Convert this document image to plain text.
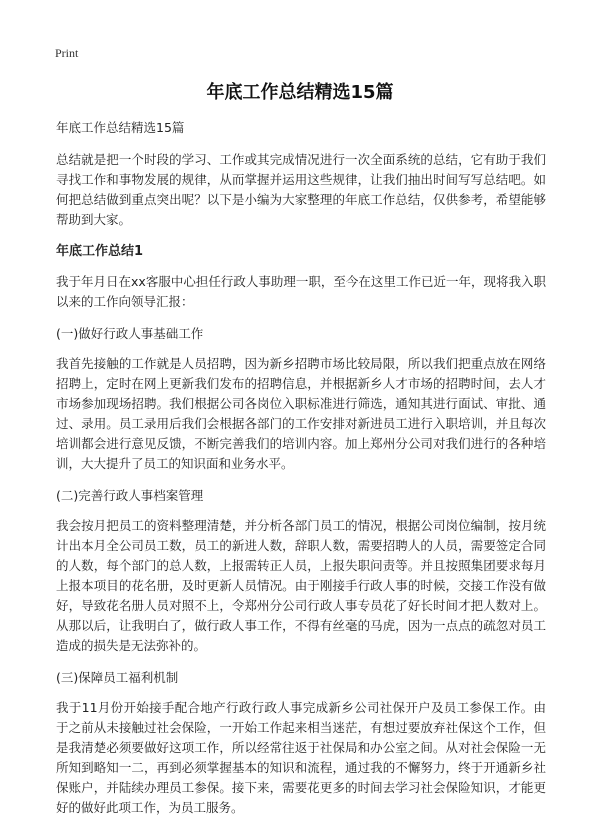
Print
年底工作总结精选15篇
年底工作总结精选15篇

总结就是把一个时段的学习、工作或其完成情况进行一次全面系统的总结，它有助于我们寻找工作和事物发展的规律，从而掌握并运用这些规律，让我们抽出时间写写总结吧。如何把总结做到重点突出呢？以下是小编为大家整理的年底工作总结，仅供参考，希望能够帮助到大家。

年底工作总结1

我于年月日在xx客服中心担任行政人事助理一职，至今在这里工作已近一年，现将我入职以来的工作向领导汇报：

(一)做好行政人事基础工作

我首先接触的工作就是人员招聘，因为新乡招聘市场比较局限，所以我们把重点放在网络招聘上，定时在网上更新我们发布的招聘信息，并根据新乡人才市场的招聘时间，去人才市场参加现场招聘。我们根据公司各岗位入职标准进行筛选，通知其进行面试、审批、通过、录用。员工录用后我们会根据各部门的工作安排对新进员工进行入职培训，并且每次培训都会进行意见反馈，不断完善我们的培训内容。加上郑州分公司对我们进行的各种培训，大大提升了员工的知识面和业务水平。

(二)完善行政人事档案管理

我会按月把员工的资料整理清楚，并分析各部门员工的情况，根据公司岗位编制，按月统计出本月全公司员工数，员工的新进人数，辞职人数，需要招聘人的人员，需要签定合同的人数，每个部门的总人数，上报需转正人员，上报失职问责等。并且按照集团要求每月上报本项目的花名册，及时更新人员情况。由于刚接手行政人事的时候，交接工作没有做好，导致花名册人员对照不上，令郑州分公司行政人事专员花了好长时间才把人数对上。从那以后，让我明白了，做行政人事工作，不得有丝毫的马虎，因为一点点的疏忽对员工造成的损失是无法弥补的。

(三)保障员工福利机制

我于11月份开始接手配合地产行政行政人事完成新乡公司社保开户及员工参保工作。由于之前从未接触过社会保险，一开始工作起来相当迷茫，有想过要放弃社保这个工作，但是我清楚必须要做好这项工作，所以经常往返于社保局和办公室之间。从对社会保险一无所知到略知一二，再到必须掌握基本的知识和流程，通过我的不懈努力，终于开通新乡社保账户，并陆续办理员工参保。接下来，需要花更多的时间去学习社会保险知识，才能更好的做好此项工作，为员工服务。
